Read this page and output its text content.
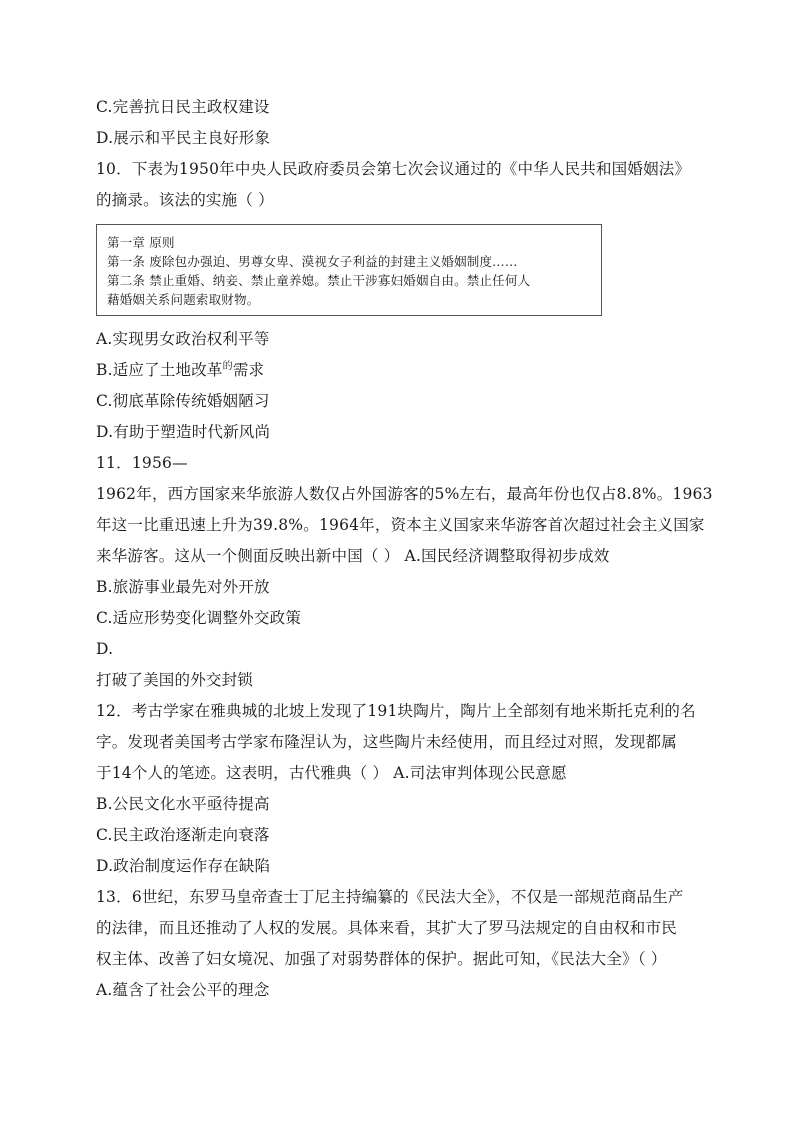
C.完善抗日民主政权建设
D.展示和平民主良好形象
10．下表为1950年中央人民政府委员会第七次会议通过的《中华人民共和国婚姻法》
的摘录。该法的实施（ ）
第一章 原则
第一条 废除包办强迫、男尊女卑、漠视女子利益的封建主义婚姻制度……
第二条 禁止重婚、纳妾、禁止童养媳。禁止干涉寡妇婚姻自由。禁止任何人
藉婚姻关系问题索取财物。
A.实现男女政治权利平等
B.适应了土地改革$^的$需求
C.彻底革除传统婚姻陋习
D.有助于塑造时代新风尚
11．1956—
1962年，西方国家来华旅游人数仅占外国游客的5%左右，最高年份也仅占8.8%。1963
年这一比重迅速上升为39.8%。1964年，资本主义国家来华游客首次超过社会主义国家
来华游客。这从一个侧面反映出新中国（ ） A.国民经济调整取得初步成效
B.旅游事业最先对外开放
C.适应形势变化调整外交政策
D.
打破了美国的外交封锁
12．考古学家在雅典城的北坡上发现了191块陶片，陶片上全部刻有地米斯托克利的名
字。发现者美国考古学家布隆涅认为，这些陶片未经使用，而且经过对照，发现都属
于14个人的笔迹。这表明，古代雅典（ ） A.司法审判体现公民意愿
B.公民文化水平亟待提高
C.民主政治逐渐走向衰落
D.政治制度运作存在缺陷
13．6世纪，东罗马皇帝查士丁尼主持编纂的《民法大全》，不仅是一部规范商品生产
的法律，而且还推动了人权的发展。具体来看，其扩大了罗马法规定的自由权和市民
权主体、改善了妇女境况、加强了对弱势群体的保护。据此可知，《民法大全》（ ）
A.蕴含了社会公平的理念
